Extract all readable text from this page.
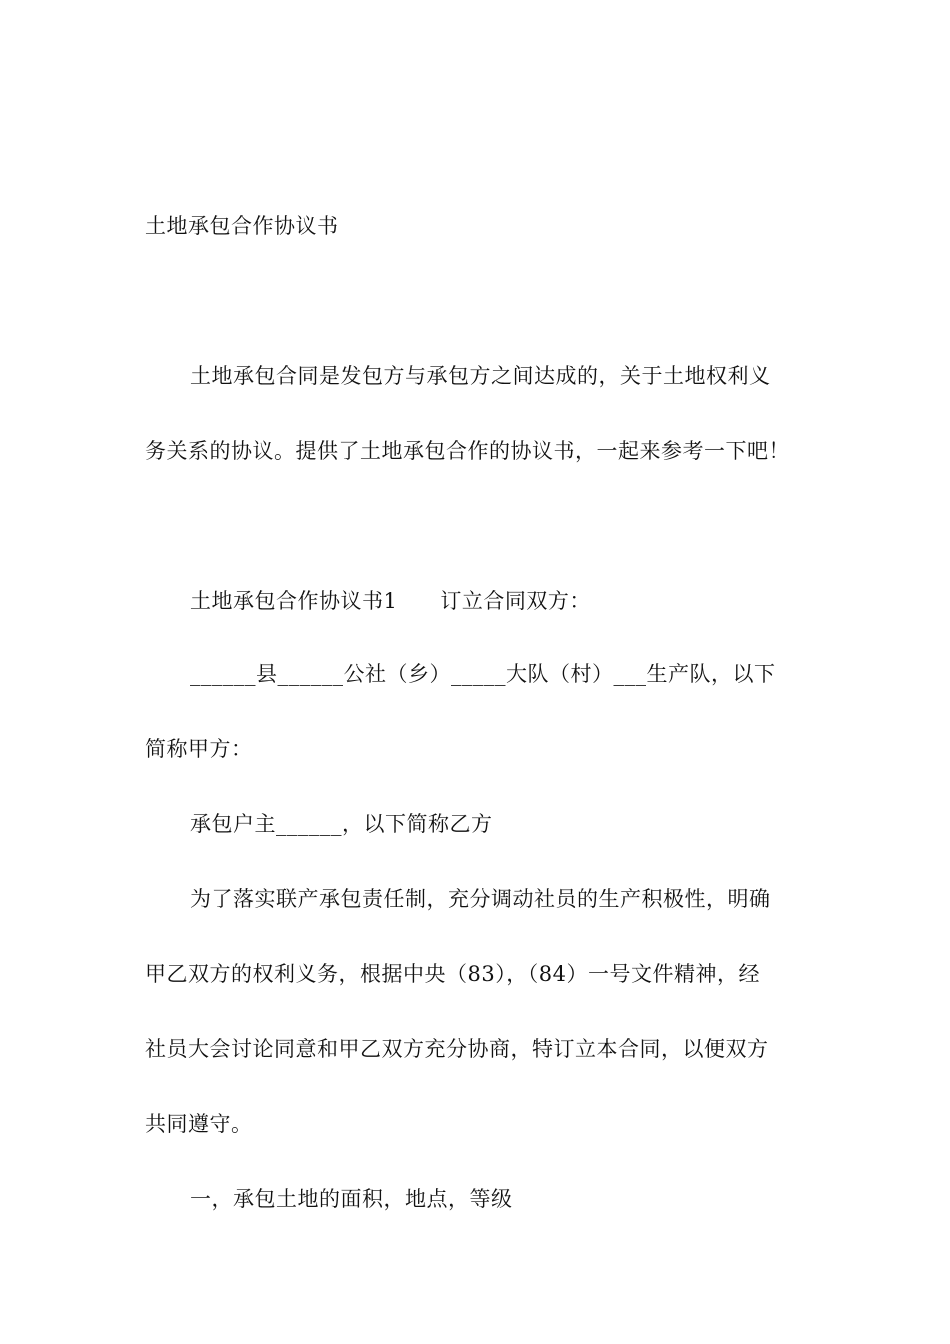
土地承包合作协议书
土地承包合同是发包方与承包方之间达成的，关于土地权利义
务关系的协议。提供了土地承包合作的协议书，一起来参考一下吧！
土地承包合作协议书1　　订立合同双方：
______县______公社（乡）_____大队（村）___生产队，以下
简称甲方：
承包户主______，以下简称乙方
为了落实联产承包责任制，充分调动社员的生产积极性，明确
甲乙双方的权利义务，根据中央（83），（84）一号文件精神，经
社员大会讨论同意和甲乙双方充分协商，特订立本合同，以便双方
共同遵守。
一，承包土地的面积，地点，等级
